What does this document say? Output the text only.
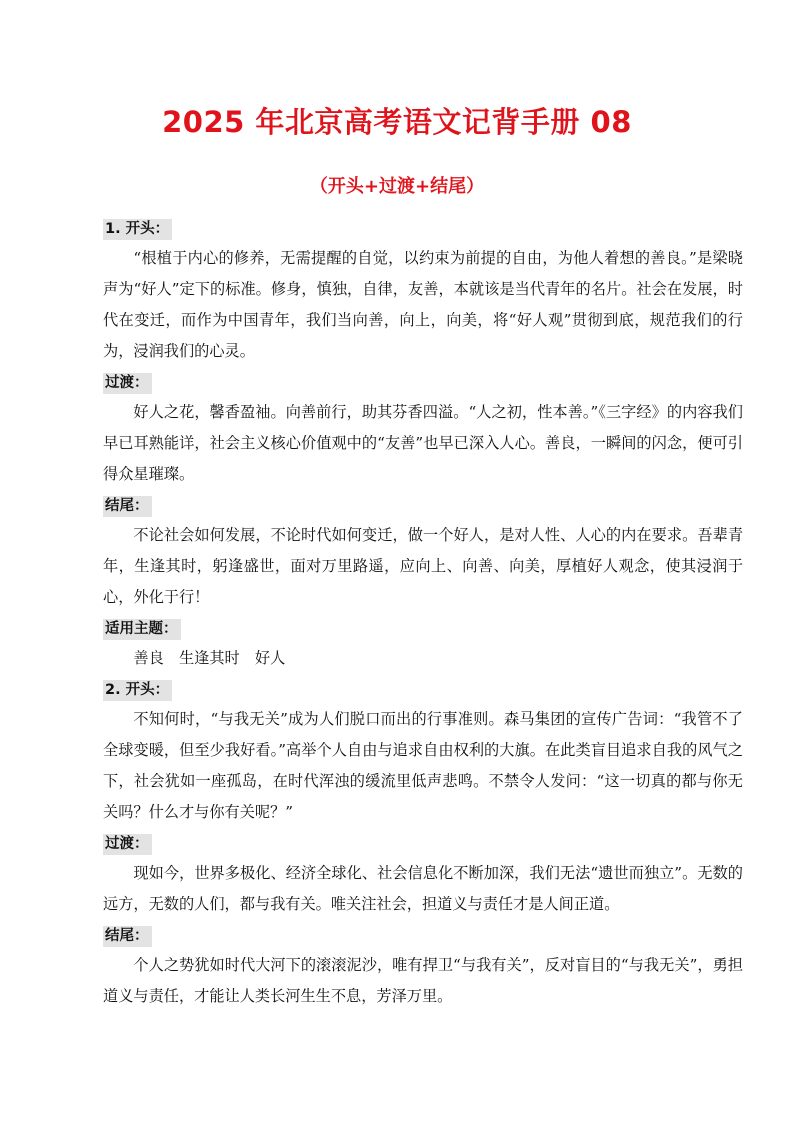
2025 年北京高考语文记背手册 08
（开头+过渡+结尾）
1. 开头：

“根植于内心的修养，无需提醒的自觉，以约束为前提的自由，为他人着想的善良。”是梁晓声为“好人”定下的标准。修身，慎独，自律，友善，本就该是当代青年的名片。社会在发展，时代在变迁，而作为中国青年，我们当向善，向上，向美，将“好人观”贯彻到底，规范我们的行为，浸润我们的心灵。

过渡：

好人之花，馨香盈袖。向善前行，助其芬香四溢。“人之初，性本善。”《三字经》的内容我们早已耳熟能详，社会主义核心价值观中的“友善”也早已深入人心。善良，一瞬间的闪念，便可引得众星璀璨。

结尾：

不论社会如何发展，不论时代如何变迁，做一个好人，是对人性、人心的内在要求。吾辈青年，生逢其时，躬逢盛世，面对万里路遥，应向上、向善、向美，厚植好人观念，使其浸润于心，外化于行！

适用主题：

善良　生逢其时　好人

2. 开头：

不知何时，“与我无关”成为人们脱口而出的行事准则。森马集团的宣传广告词：“我管不了全球变暖，但至少我好看。”高举个人自由与追求自由权利的大旗。在此类盲目追求自我的风气之下，社会犹如一座孤岛，在时代浑浊的缓流里低声悲鸣。不禁令人发问：“这一切真的都与你无关吗？什么才与你有关呢？”

过渡：

现如今，世界多极化、经济全球化、社会信息化不断加深，我们无法“遗世而独立”。无数的远方，无数的人们，都与我有关。唯关注社会，担道义与责任才是人间正道。

结尾：

个人之势犹如时代大河下的滚滚泥沙，唯有捍卫“与我有关”，反对盲目的“与我无关”，勇担道义与责任，才能让人类长河生生不息，芳泽万里。
